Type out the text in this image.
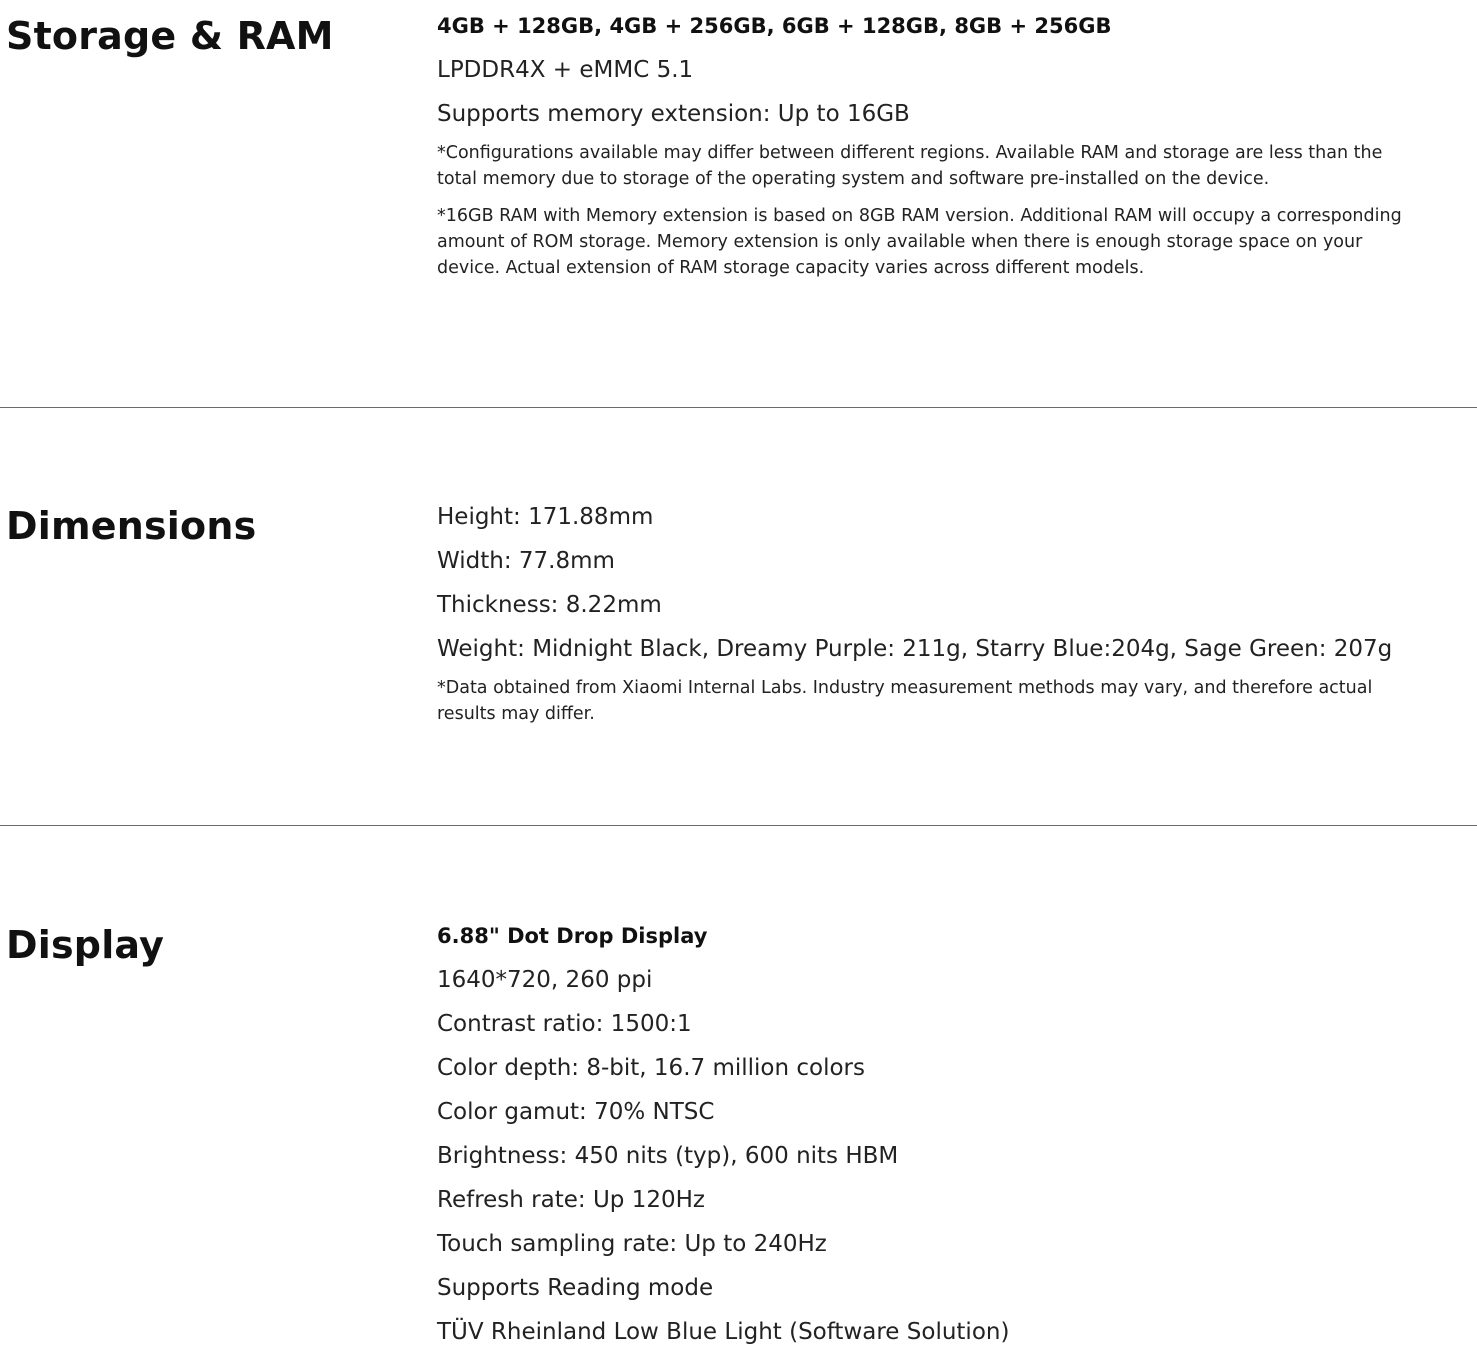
Storage & RAM	4GB + 128GB, 4GB + 256GB, 6GB + 128GB, 8GB + 256GB
LPDDR4X + eMMC 5.1
Supports memory extension: Up to 16GB

*Configurations available may differ between different regions. Available RAM and storage are less than the total memory due to storage of the operating system and software pre-installed on the device.

*16GB RAM with Memory extension is based on 8GB RAM version. Additional RAM will occupy a corresponding amount of ROM storage. Memory extension is only available when there is enough storage space on your device. Actual extension of RAM storage capacity varies across different models.

Dimensions	Height: 171.88mm
Width: 77.8mm
Thickness: 8.22mm
Weight: Midnight Black, Dreamy Purple: 211g, Starry Blue:204g, Sage Green: 207g

*Data obtained from Xiaomi Internal Labs. Industry measurement methods may vary, and therefore actual results may differ.

Display	6.88" Dot Drop Display
1640*720, 260 ppi
Contrast ratio: 1500:1
Color depth: 8-bit, 16.7 million colors
Color gamut: 70% NTSC
Brightness: 450 nits (typ), 600 nits HBM
Refresh rate: Up 120Hz
Touch sampling rate: Up to 240Hz
Supports Reading mode
TÜV Rheinland Low Blue Light (Software Solution)
